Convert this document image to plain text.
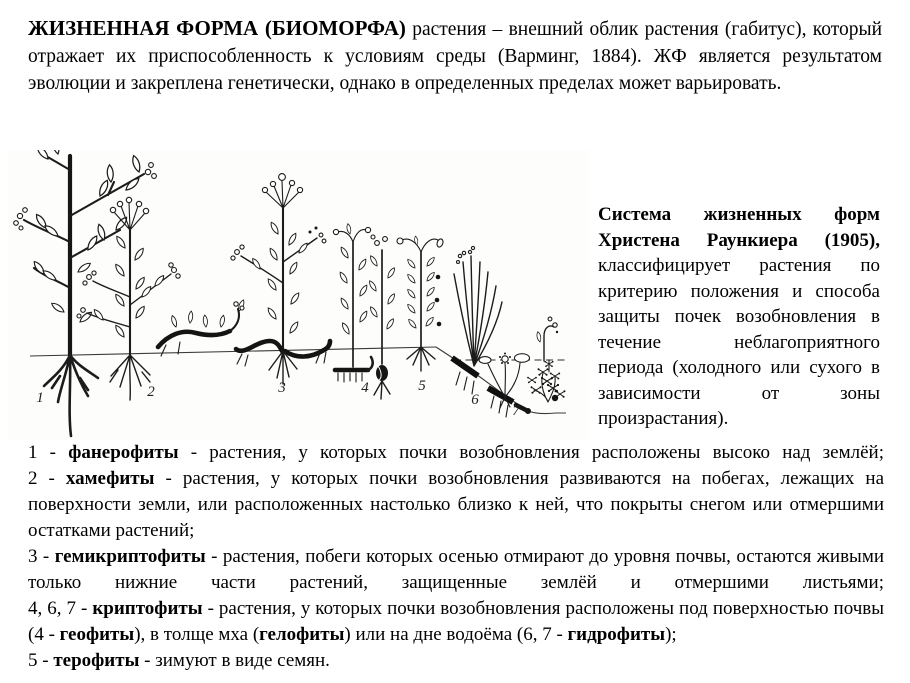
ЖИЗНЕННАЯ ФОРМА (БИОМОРФА) растения – внешний облик растения (габитус), который отражает их приспособленность к условиям среды (Варминг, 1884). ЖФ является результатом эволюции и закреплена генетически, однако в определенных пределах может варьировать.

1	2	3	4	5
6
7

Система жизненных форм Христена Раункиера (1905), классифицирует растения по критерию положения и способа защиты почек возобновления в течение неблагоприятного периода (холодного или сухого в зависимости от зоны произрастания).

1 - фанерофиты - растения, у которых почки возобновления расположены высоко над землёй;

2 - хамефиты - растения, у которых почки возобновления развиваются на побегах, лежащих на поверхности земли, или расположенных настолько близко к ней, что покрыты снегом или отмершими остатками растений;

3 - гемикриптофиты - растения, побеги которых осенью отмирают до уровня почвы, остаются живыми только нижние части растений, защищенные землёй и отмершими листьями;

4, 6, 7 - криптофиты - растения, у которых почки возобновления расположены под поверхностью почвы (4 - геофиты), в толще мха (гелофиты) или на дне водоёма (6, 7 - гидрофиты);

5 - терофиты - зимуют в виде семян.
